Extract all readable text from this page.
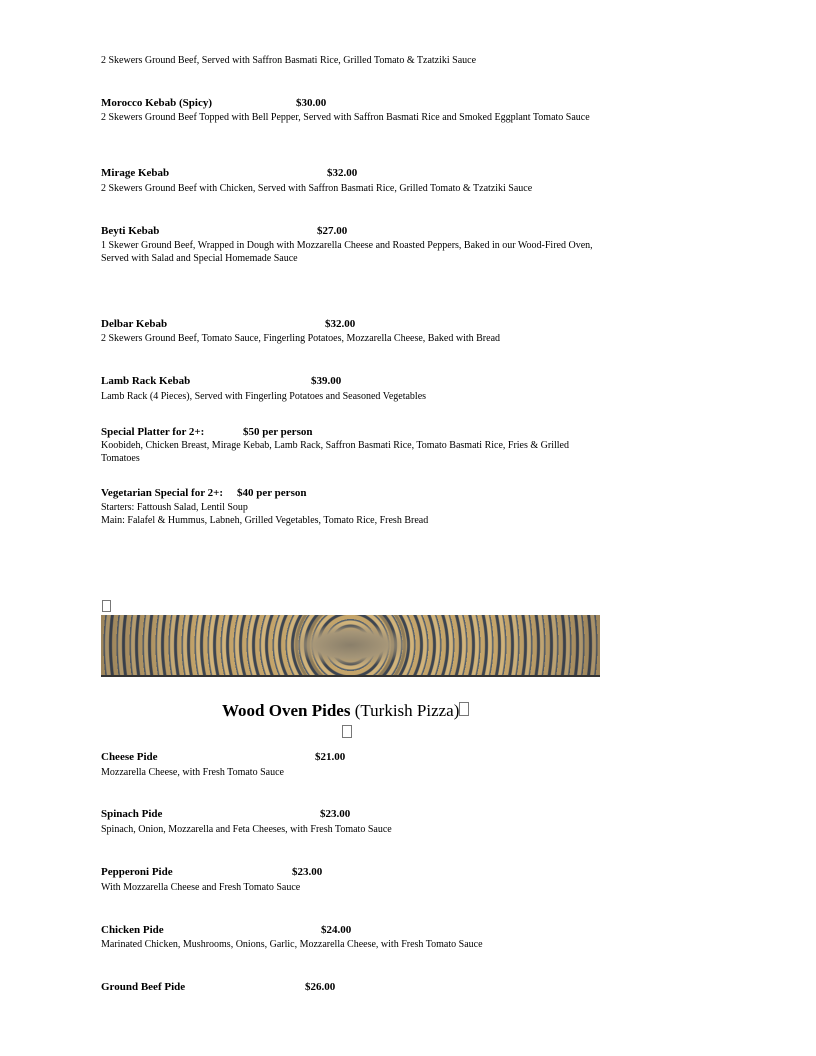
2 Skewers Ground Beef, Served with Saffron Basmati Rice, Grilled Tomato & Tzatziki Sauce
Morocco Kebab (Spicy)	$30.00
2 Skewers Ground Beef Topped with Bell Pepper, Served with Saffron Basmati Rice and Smoked Eggplant Tomato Sauce
Mirage Kebab	$32.00
2 Skewers Ground Beef with Chicken, Served with Saffron Basmati Rice, Grilled Tomato & Tzatziki Sauce
Beyti Kebab	$27.00
1 Skewer Ground Beef, Wrapped in Dough with Mozzarella Cheese and Roasted Peppers, Baked in our Wood-Fired Oven, Served with Salad and Special Homemade Sauce
Delbar Kebab	$32.00
2 Skewers Ground Beef, Tomato Sauce, Fingerling Potatoes, Mozzarella Cheese, Baked with Bread
Lamb Rack Kebab	$39.00
Lamb Rack (4 Pieces), Served with Fingerling Potatoes and Seasoned Vegetables
Special Platter for 2+:	$50 per person
Koobideh, Chicken Breast, Mirage Kebab, Lamb Rack, Saffron Basmati Rice, Tomato Basmati Rice, Fries & Grilled Tomatoes
Vegetarian Special for 2+: $40 per person
Starters: Fattoush Salad, Lentil Soup
Main: Falafel & Hummus, Labneh, Grilled Vegetables, Tomato Rice, Fresh Bread
Wood Oven Pides (Turkish Pizza)
Cheese Pide	$21.00
Mozzarella Cheese, with Fresh Tomato Sauce
Spinach Pide	$23.00
Spinach, Onion, Mozzarella and Feta Cheeses, with Fresh Tomato Sauce
Pepperoni Pide	$23.00
With Mozzarella Cheese and Fresh Tomato Sauce
Chicken Pide	$24.00
Marinated Chicken, Mushrooms, Onions, Garlic, Mozzarella Cheese, with Fresh Tomato Sauce
Ground Beef Pide	$26.00
